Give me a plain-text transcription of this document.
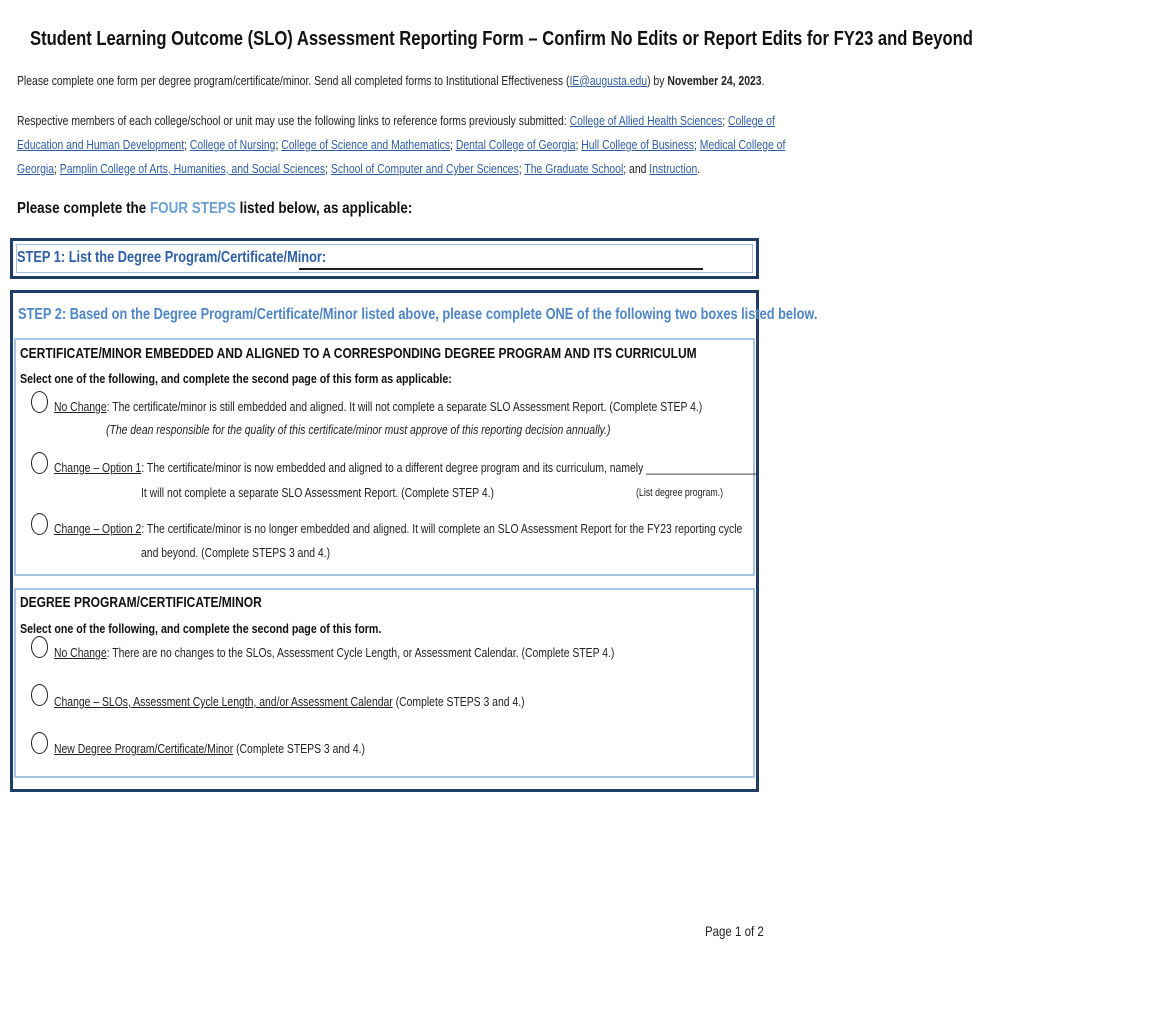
Student Learning Outcome (SLO) Assessment Reporting Form – Confirm No Edits or Report Edits for FY23 and Beyond
Please complete one form per degree program/certificate/minor. Send all completed forms to Institutional Effectiveness (IE@augusta.edu) by November 24, 2023.
Respective members of each college/school or unit may use the following links to reference forms previously submitted: College of Allied Health Sciences; College of
Education and Human Development; College of Nursing; College of Science and Mathematics; Dental College of Georgia; Hull College of Business; Medical College of
Georgia; Pamplin College of Arts, Humanities, and Social Sciences; School of Computer and Cyber Sciences; The Graduate School; and Instruction.
Please complete the FOUR STEPS listed below, as applicable:
STEP 1: List the Degree Program/Certificate/Minor:
STEP 2: Based on the Degree Program/Certificate/Minor listed above, please complete ONE of the following two boxes listed below.
CERTIFICATE/MINOR EMBEDDED AND ALIGNED TO A CORRESPONDING DEGREE PROGRAM AND ITS CURRICULUM
Select one of the following, and complete the second page of this form as applicable:
No Change: The certificate/minor is still embedded and aligned. It will not complete a separate SLO Assessment Report. (Complete STEP 4.)
(The dean responsible for the quality of this certificate/minor must approve of this reporting decision annually.)
Change – Option 1: The certificate/minor is now embedded and aligned to a different degree program and its curriculum, namely ___________________.
It will not complete a separate SLO Assessment Report. (Complete STEP 4.)	(List degree program.)
Change – Option 2: The certificate/minor is no longer embedded and aligned. It will complete an SLO Assessment Report for the FY23 reporting cycle
and beyond. (Complete STEPS 3 and 4.)
DEGREE PROGRAM/CERTIFICATE/MINOR
Select one of the following, and complete the second page of this form.
No Change: There are no changes to the SLOs, Assessment Cycle Length, or Assessment Calendar. (Complete STEP 4.)
Change – SLOs, Assessment Cycle Length, and/or Assessment Calendar (Complete STEPS 3 and 4.)
New Degree Program/Certificate/Minor (Complete STEPS 3 and 4.)
Page 1 of 2
